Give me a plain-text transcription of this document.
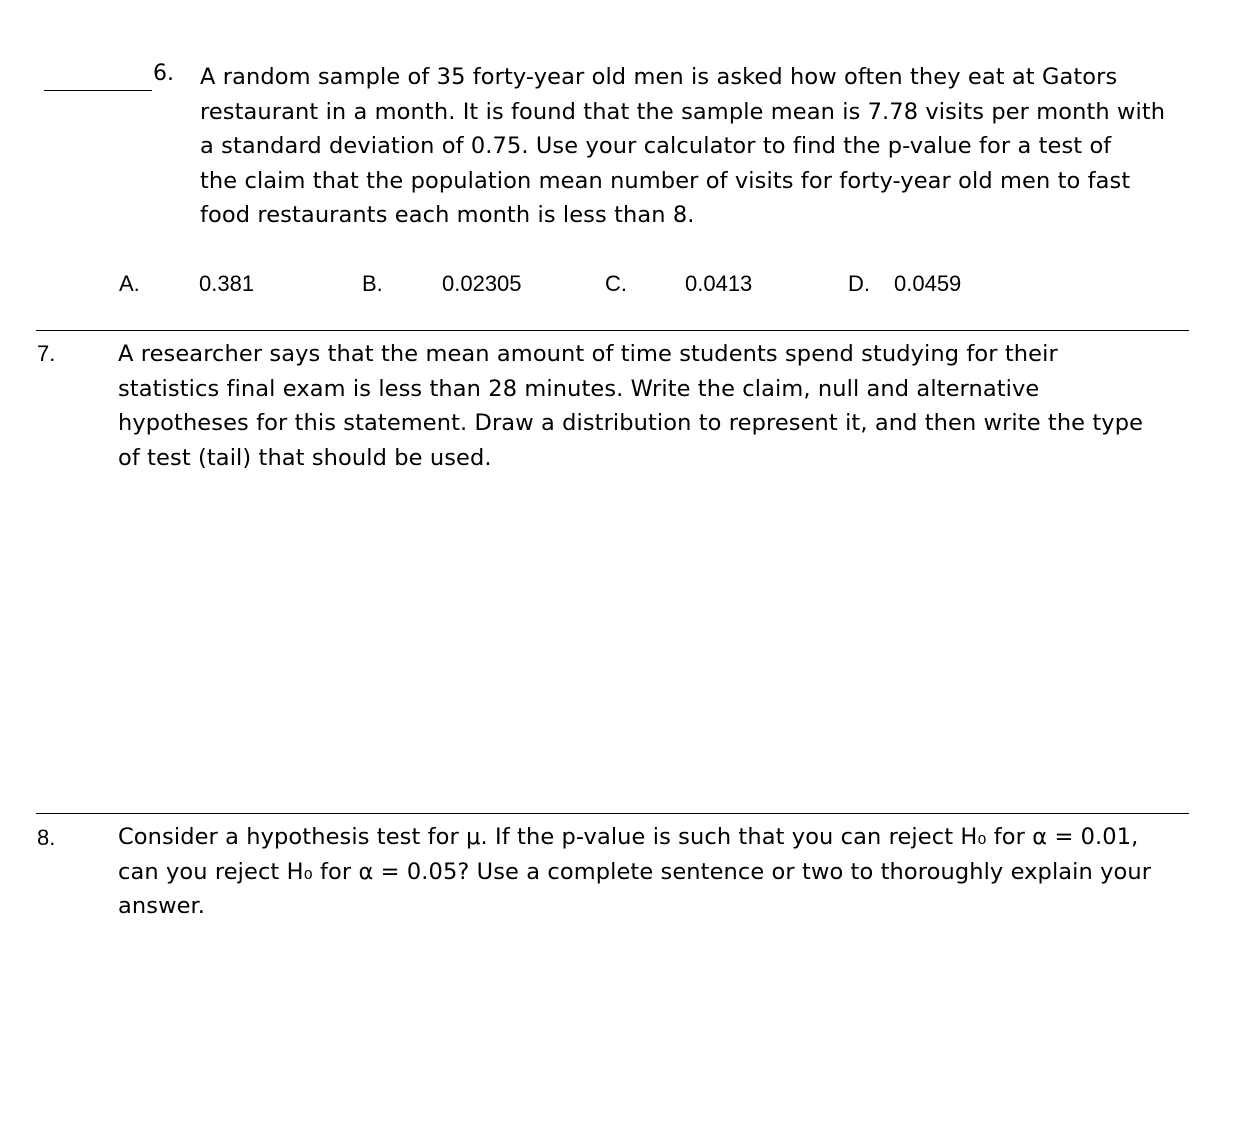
6. A random sample of 35 forty-year old men is asked how often they eat at Gators
restaurant in a month. It is found that the sample mean is 7.78 visits per month with
a standard deviation of 0.75. Use your calculator to find the p-value for a test of
the claim that the population mean number of visits for forty-year old men to fast
food restaurants each month is less than 8.
A.	0.381	B.	0.02305	C.	0.0413	D. 0.0459
7.	A researcher says that the mean amount of time students spend studying for their
statistics final exam is less than 28 minutes. Write the claim, null and alternative
hypotheses for this statement. Draw a distribution to represent it, and then write the type
of test (tail) that should be used.
8.	Consider a hypothesis test for μ. If the p-value is such that you can reject H₀ for α = 0.01,
can you reject H₀ for α = 0.05? Use a complete sentence or two to thoroughly explain your
answer.
